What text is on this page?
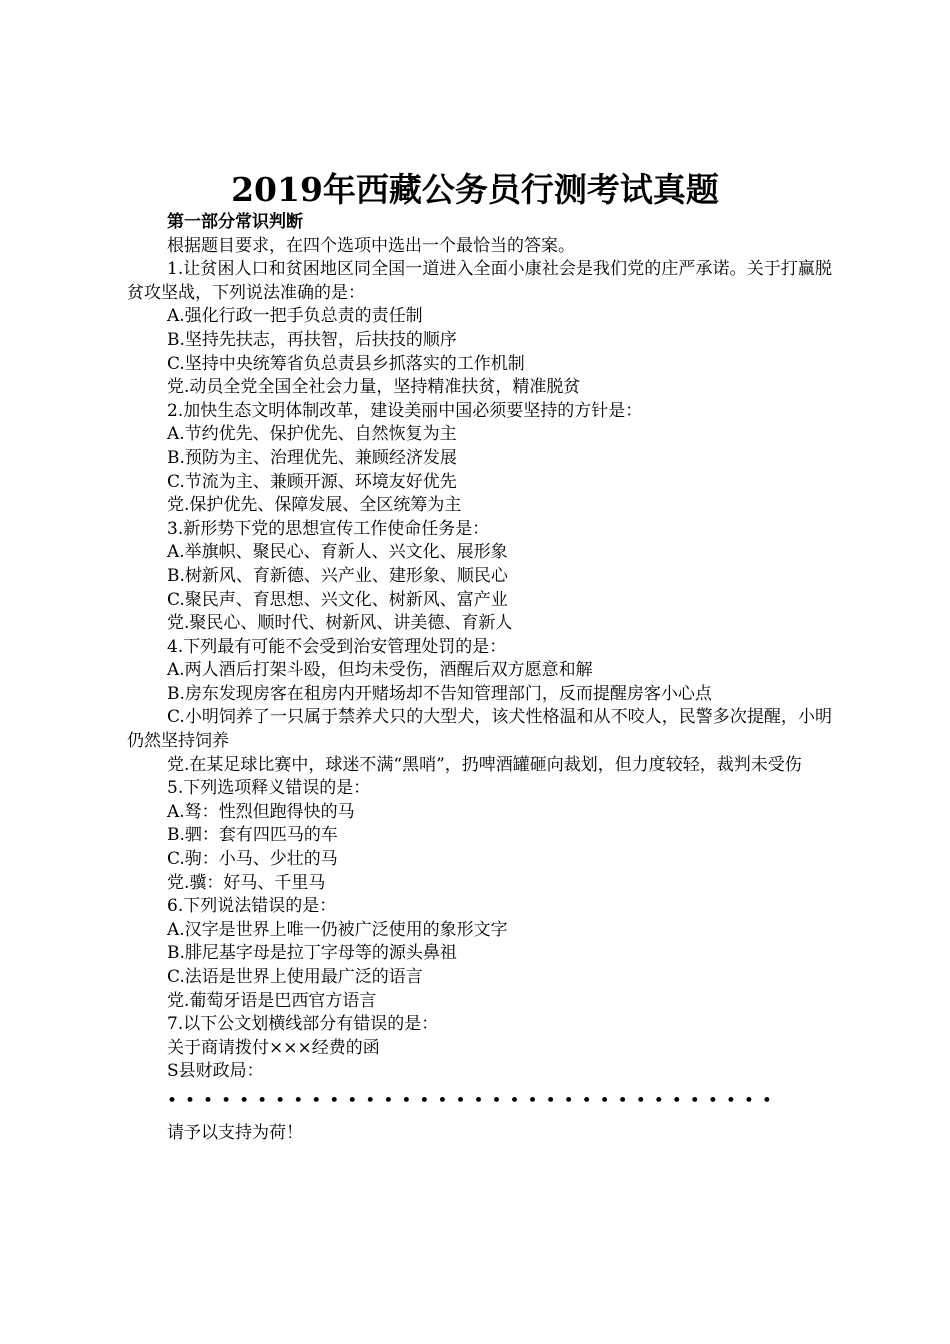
2019年西藏公务员行测考试真题
第一部分常识判断
根据题目要求，在四个选项中选出一个最恰当的答案。
1.让贫困人口和贫困地区同全国一道进入全面小康社会是我们党的庄严承诺。关于打赢脱贫攻坚战，下列说法准确的是：
A.强化行政一把手负总责的责任制
B.坚持先扶志，再扶智，后扶技的顺序
C.坚持中央统筹省负总责县乡抓落实的工作机制
党.动员全党全国全社会力量，坚持精准扶贫，精准脱贫
2.加快生态文明体制改革，建设美丽中国必须要坚持的方针是：
A.节约优先、保护优先、自然恢复为主
B.预防为主、治理优先、兼顾经济发展
C.节流为主、兼顾开源、环境友好优先
党.保护优先、保障发展、全区统筹为主
3.新形势下党的思想宣传工作使命任务是：
A.举旗帜、聚民心、育新人、兴文化、展形象
B.树新风、育新德、兴产业、建形象、顺民心
C.聚民声、育思想、兴文化、树新风、富产业
党.聚民心、顺时代、树新风、讲美德、育新人
4.下列最有可能不会受到治安管理处罚的是：
A.两人酒后打架斗殴，但均未受伤，酒醒后双方愿意和解
B.房东发现房客在租房内开赌场却不告知管理部门，反而提醒房客小心点
C.小明饲养了一只属于禁养犬只的大型犬，该犬性格温和从不咬人，民警多次提醒，小明仍然坚持饲养
党.在某足球比赛中，球迷不满“黑哨”，扔啤酒罐砸向裁划，但力度较轻，裁判未受伤
5.下列选项释义错误的是：
A.驽：性烈但跑得快的马
B.驷：套有四匹马的车
C.驹：小马、少壮的马
党.骥：好马、千里马
6.下列说法错误的是：
A.汉字是世界上唯一仍被广泛使用的象形文字
B.腓尼基字母是拉丁字母等的源头鼻祖
C.法语是世界上使用最广泛的语言
党.葡萄牙语是巴西官方语言
7.以下公文划横线部分有错误的是：
关于商请拨付×××经费的函
S县财政局：
••••••••••••••••••••••••••••••••••
请予以支持为荷！
